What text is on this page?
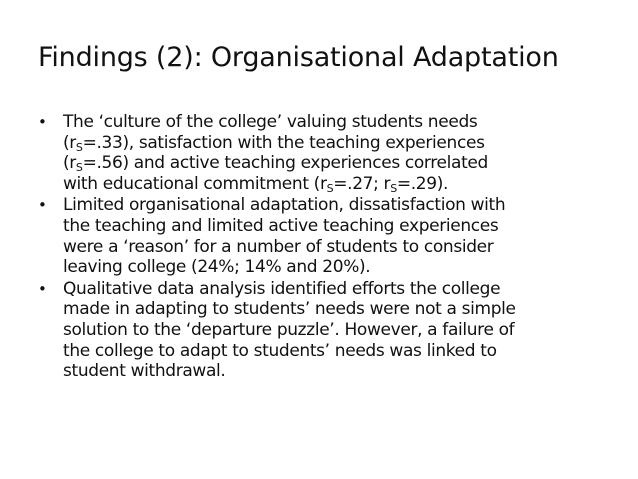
Findings (2): Organisational Adaptation
• The ‘culture of the college’ valuing students needs
$(r_S=.33)$, satisfaction with the teaching experiences
$(r_S=.56)$ and active teaching experiences correlated
with educational commitment ($r_S=.27$; $r_S=.29$).
• Limited organisational adaptation, dissatisfaction with
the teaching and limited active teaching experiences
were a ‘reason’ for a number of students to consider
leaving college (24%; 14% and 20%).
• Qualitative data analysis identified efforts the college
made in adapting to students’ needs were not a simple
solution to the ‘departure puzzle’. However, a failure of
the college to adapt to students’ needs was linked to
student withdrawal.
